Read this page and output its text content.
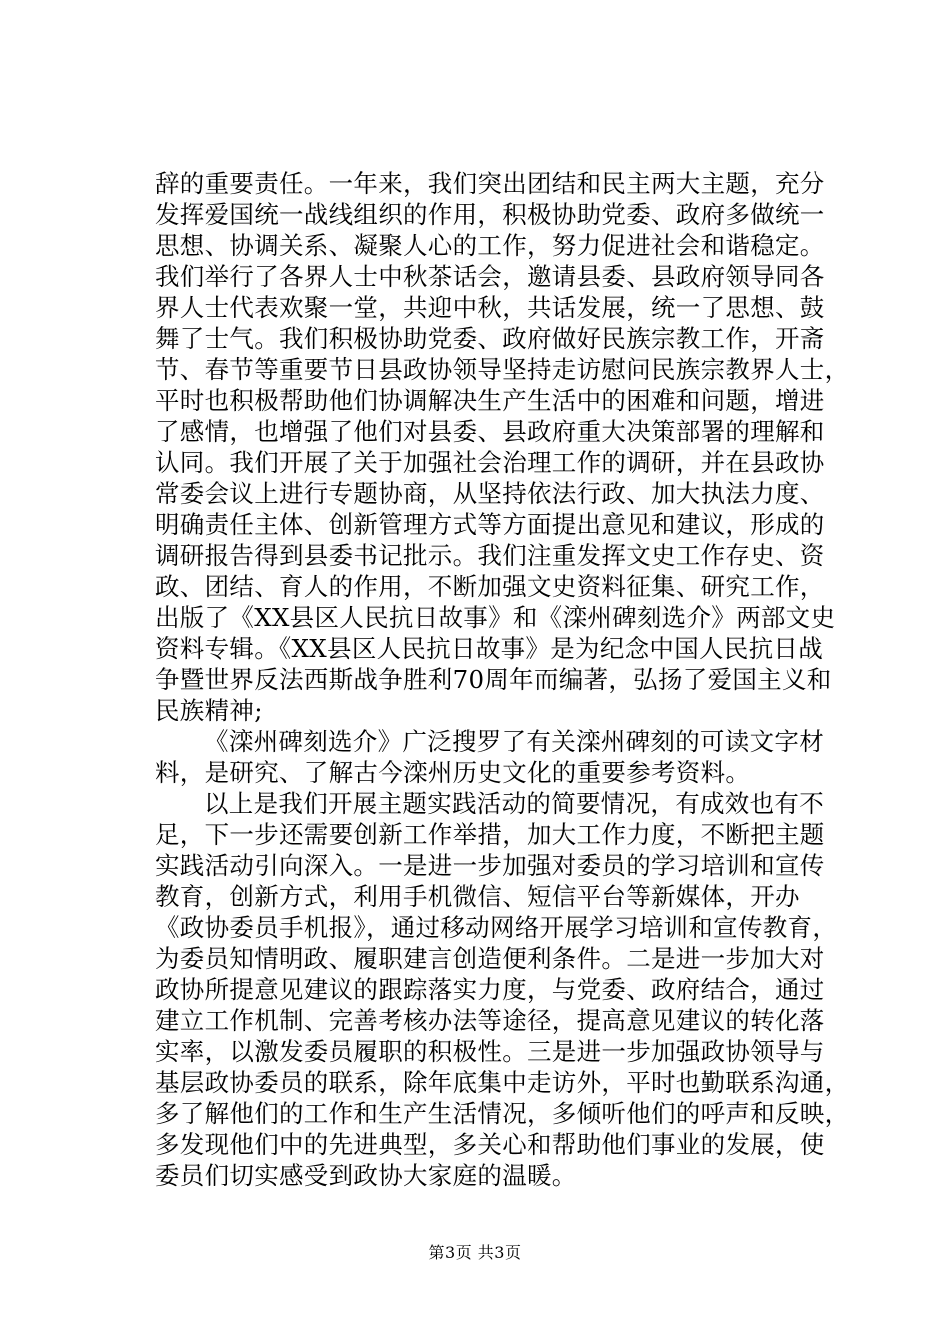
辞的重要责任。一年来，我们突出团结和民主两大主题，充分
发挥爱国统一战线组织的作用，积极协助党委、政府多做统一
思想、协调关系、凝聚人心的工作，努力促进社会和谐稳定。
我们举行了各界人士中秋茶话会，邀请县委、县政府领导同各
界人士代表欢聚一堂，共迎中秋，共话发展，统一了思想、鼓
舞了士气。我们积极协助党委、政府做好民族宗教工作，开斋
节、春节等重要节日县政协领导坚持走访慰问民族宗教界人士，
平时也积极帮助他们协调解决生产生活中的困难和问题，增进
了感情，也增强了他们对县委、县政府重大决策部署的理解和
认同。我们开展了关于加强社会治理工作的调研，并在县政协
常委会议上进行专题协商，从坚持依法行政、加大执法力度、
明确责任主体、创新管理方式等方面提出意见和建议，形成的
调研报告得到县委书记批示。我们注重发挥文史工作存史、资
政、团结、育人的作用，不断加强文史资料征集、研究工作，
出版了《XX县区人民抗日故事》和《滦州碑刻选介》两部文史
资料专辑。《XX县区人民抗日故事》是为纪念中国人民抗日战
争暨世界反法西斯战争胜利70周年而编著，弘扬了爱国主义和
民族精神;
《滦州碑刻选介》广泛搜罗了有关滦州碑刻的可读文字材
料，是研究、了解古今滦州历史文化的重要参考资料。
以上是我们开展主题实践活动的简要情况，有成效也有不
足，下一步还需要创新工作举措，加大工作力度，不断把主题
实践活动引向深入。一是进一步加强对委员的学习培训和宣传
教育，创新方式，利用手机微信、短信平台等新媒体，开办
《政协委员手机报》，通过移动网络开展学习培训和宣传教育，
为委员知情明政、履职建言创造便利条件。二是进一步加大对
政协所提意见建议的跟踪落实力度，与党委、政府结合，通过
建立工作机制、完善考核办法等途径，提高意见建议的转化落
实率，以激发委员履职的积极性。三是进一步加强政协领导与
基层政协委员的联系，除年底集中走访外，平时也勤联系沟通，
多了解他们的工作和生产生活情况，多倾听他们的呼声和反映，
多发现他们中的先进典型，多关心和帮助他们事业的发展，使
委员们切实感受到政协大家庭的温暖。
第3页 共3页
